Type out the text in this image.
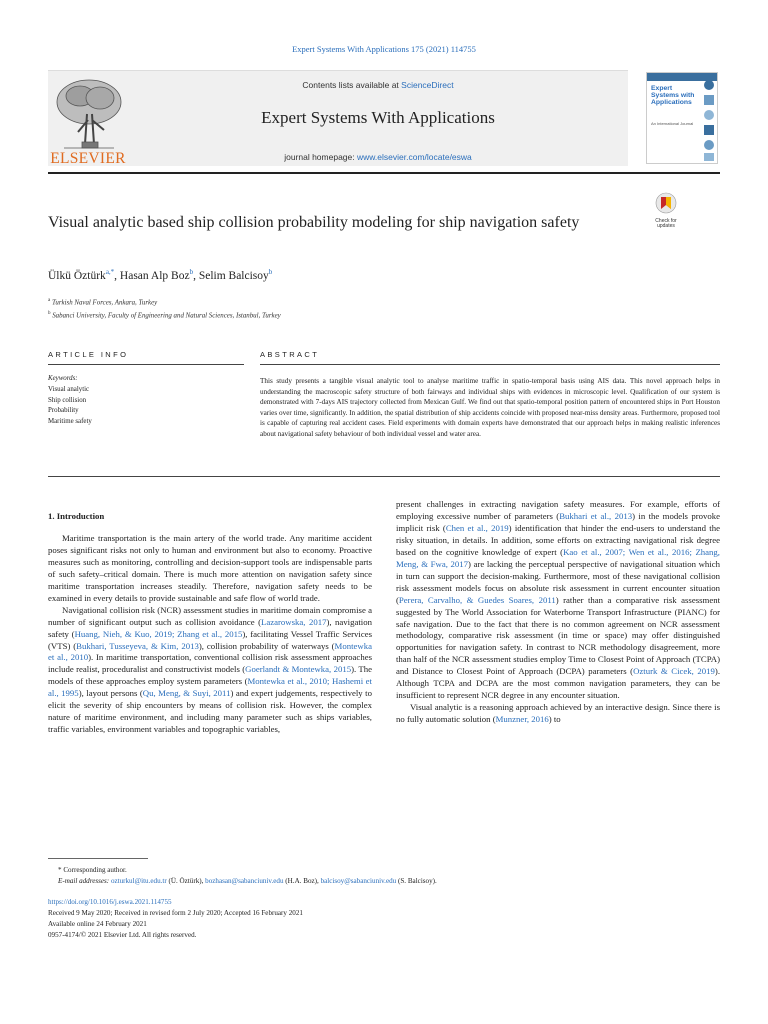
Expert Systems With Applications 175 (2021) 114755
ELSEVIER
Contents lists available at ScienceDirect
Expert Systems With Applications
journal homepage: www.elsevier.com/locate/eswa
Expert Systems with Applications
An International Journal
Visual analytic based ship collision probability modeling for ship navigation safety	Check for updates
Ülkü Öztürk$^{a,*}$, Hasan Alp Boz$^b$, Selim Balcisoy$^b$
$^a$ Turkish Naval Forces, Ankara, Turkey
$^b$ Sabanci University, Faculty of Engineering and Natural Sciences, Istanbul, Turkey
ARTICLE INFO	ABSTRACT
Keywords:
Visual analytic
Ship collision
Probability
Maritime safety
This study presents a tangible visual analytic tool to analyse maritime traffic in spatio-temporal basis using AIS data. This novel approach helps in understanding the macroscopic safety structure of both fairways and individual ships with evidences in microscopic level. Qualification of our system is demonstrated with 7-days AIS trajectory collected from Mexican Gulf. We find out that spatio-temporal position pattern of encountered ships in Port Houston varies over time, significantly. In addition, the spatial distribution of ship accidents coincide with proposed near-miss density areas. Furthermore, proposed tool is capable of capturing real accident cases. Field experiments with domain experts have demonstrated that our approach helps in making realistic inferences about navigational safety behaviour of both individual vessel and water area.
1. Introduction

Maritime transportation is the main artery of the world trade. Any maritime accident poses significant risks not only to human and environment but also to economy. Proactive measures such as monitoring, controlling and decision-support tools are indispensable parts of such safety–critical domain. There is much more attention on navigation safety since maritime transportation increases steadily. Therefore, navigation safety needs to be examined in every details to provide sustainable and safe flow of world trade.

Navigational collision risk (NCR) assessment studies in maritime domain compromise a number of significant output such as collision avoidance (Lazarowska, 2017), navigation safety (Huang, Nieh, & Kuo, 2019; Zhang et al., 2015), facilitating Vessel Traffic Services (VTS) (Bukhari, Tusseyeva, & Kim, 2013), collision probability of waterways (Montewka et al., 2010). In maritime transportation, conventional collision risk assessment approaches include realist, proceduralist and constructivist models (Goerlandt & Montewka, 2015). The models of these approaches employ system parameters (Montewka et al., 2010; Hashemi et al., 1995), layout persons (Qu, Meng, & Suyi, 2011) and expert judgements, respectively to elicit the severity of ship encounters by means of collision risk. However, the complex nature of maritime environment, and including many parameter such as ships variables, traffic variables, environment variables and topographic variables,

present challenges in extracting navigation safety measures. For example, efforts of employing excessive number of parameters (Bukhari et al., 2013) in the models provoke implicit risk (Chen et al., 2019) identification that hinder the end-users to understand the risky situation, in details. In addition, some efforts on extracting navigational risk degree based on the cognitive knowledge of expert (Kao et al., 2007; Wen et al., 2016; Zhang, Meng, & Fwa, 2017) are lacking the perceptual perspective of navigational situation which in turn can support the decision-making. Furthermore, most of these navigational collision risk assessment models focus on absolute risk assessment in current encounter situation (Perera, Carvalho, & Guedes Soares, 2011) rather than a comparative risk assessment suggested by The World Association for Waterborne Transport Infrastructure (PIANC) for safe navigation. Due to the fact that there is no common agreement on NCR assessment methodology, comparative risk assessment (in time or space) may offer distinguished opportunities for navigation safety. In contrast to NCR methodology disagreement, more than half of the NCR assessment studies employ Time to Closest Point of Approach (TCPA) and Distance to Closest Point of Approach (DCPA) parameters (Ozturk & Cicek, 2019). Although TCPA and DCPA are the most common navigation parameters, they can be insufficient to represent NCR degree in any encounter situation.

Visual analytic is a reasoning approach achieved by an interactive design. Since there is no fully automatic solution (Munzner, 2016) to

* Corresponding author.
E-mail addresses: ozturkul@itu.edu.tr (Ü. Öztürk), bozhasan@sabanciuniv.edu (H.A. Boz), balcisoy@sabanciuniv.edu (S. Balcisoy).
https://doi.org/10.1016/j.eswa.2021.114755
Received 9 May 2020; Received in revised form 2 July 2020; Accepted 16 February 2021
Available online 24 February 2021
0957-4174/© 2021 Elsevier Ltd. All rights reserved.
